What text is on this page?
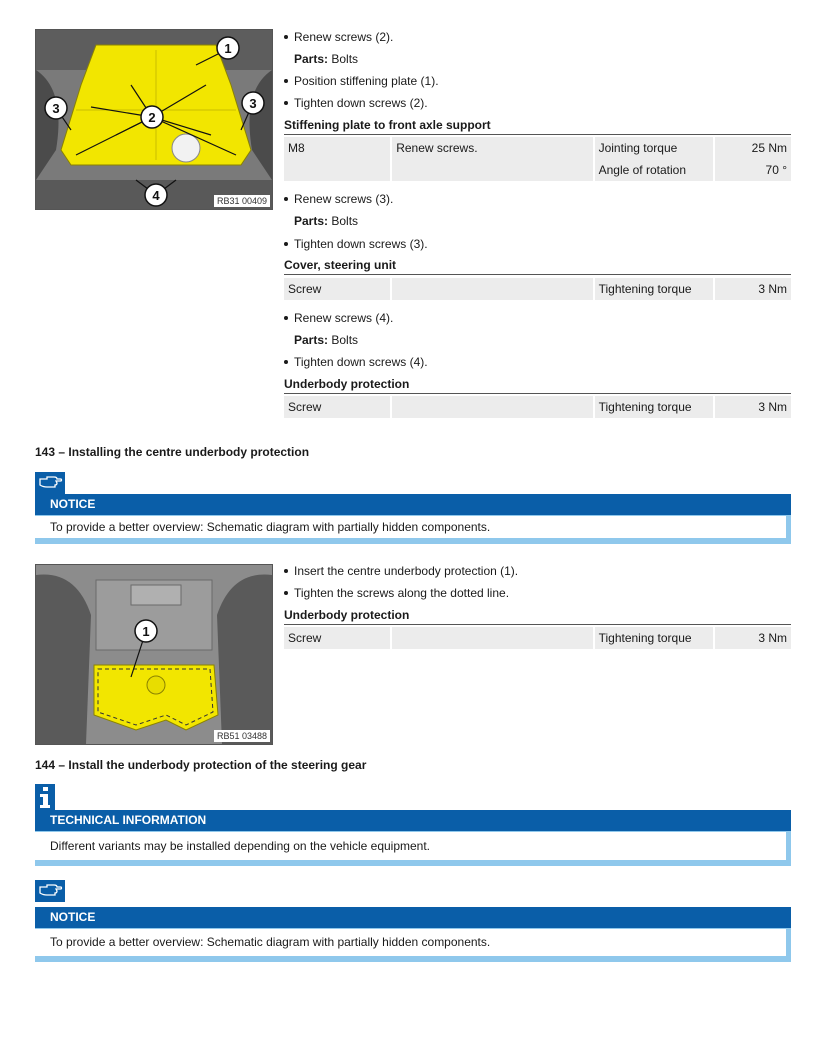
1
2
3	3
4	RB31 00409
Renew screws (2).
Parts: Bolts
Position stiffening plate (1).
Tighten down screws (2).
Stiffening plate to front axle support
M8	Renew screws.	Jointing torque	25 Nm
		Angle of rotation	70 °
Renew screws (3).
Parts: Bolts
Tighten down screws (3).
Cover, steering unit
Screw		Tightening torque	3 Nm
Renew screws (4).
Parts: Bolts
Tighten down screws (4).
Underbody protection
Screw		Tightening torque	3 Nm
143 – Installing the centre underbody protection
NOTICE
To provide a better overview: Schematic diagram with partially hidden components.
1
RB51 03488
Insert the centre underbody protection (1).
Tighten the screws along the dotted line.
Underbody protection
Screw		Tightening torque	3 Nm
144 – Install the underbody protection of the steering gear
TECHNICAL INFORMATION
Different variants may be installed depending on the vehicle equipment.
NOTICE
To provide a better overview: Schematic diagram with partially hidden components.
